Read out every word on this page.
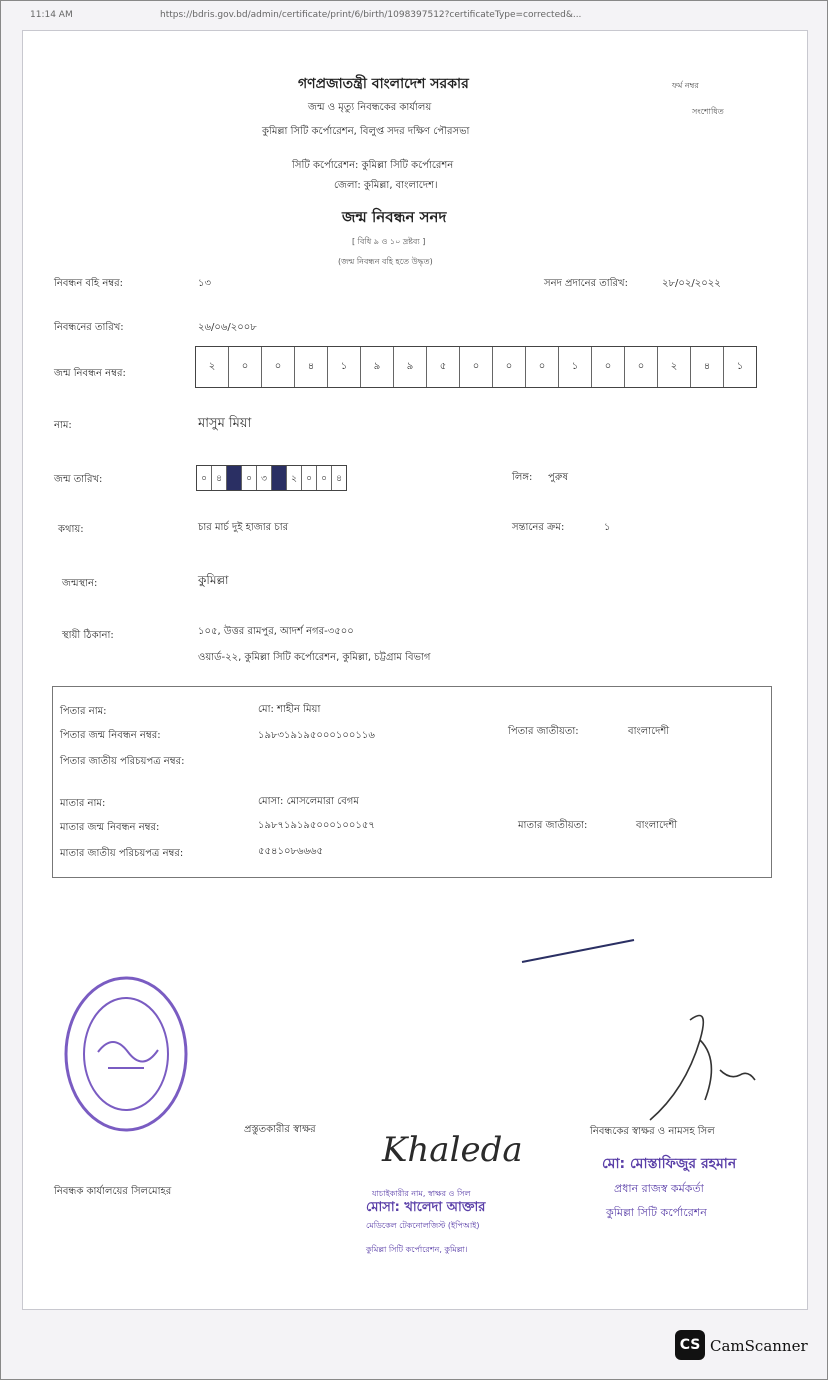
11:14 AM	https://bdris.gov.bd/admin/certificate/print/6/birth/1098397512?certificateType=corrected&...
গণপ্রজাতন্ত্রী বাংলাদেশ সরকার
জন্ম ও মৃত্যু নিবন্ধকের কার্যালয়
কুমিল্লা সিটি কর্পোরেশন, বিলুপ্ত সদর দক্ষিণ পৌরসভা
সিটি কর্পোরেশন: কুমিল্লা সিটি কর্পোরেশন
জেলা: কুমিল্লা, বাংলাদেশ।
ফর্ম নম্বর
সংশোধিত
জন্ম নিবন্ধন সনদ
[ বিধি ৯ ও ১০ দ্রষ্টব্য ]
(জন্ম নিবন্ধন বহি হতে উদ্ধৃত)
নিবন্ধন বহি নম্বর:	১৩	সনদ প্রদানের তারিখ:	২৮/০২/২০২২
নিবন্ধনের তারিখ:	২৬/০৬/২০০৮
জন্ম নিবন্ধন নম্বর:
২	০	০	৪	১	৯	৯	৫	০	০	০	১	০	০	২	৪	১
নাম:	মাসুম মিয়া
জন্ম তারিখ:	০	৪	০	৩	২	০	০	৪	লিঙ্গ: পুরুষ
কথায়:	চার মার্চ দুই হাজার চার	সন্তানের ক্রম:	১
জন্মস্থান:	কুমিল্লা
স্থায়ী ঠিকানা:	১০৫, উত্তর রামপুর, আদর্শ নগর-৩৫০০
ওয়ার্ড-২২, কুমিল্লা সিটি কর্পোরেশন, কুমিল্লা, চট্টগ্রাম বিভাগ
পিতার নাম:	মো: শাহীন মিয়া
পিতার জন্ম নিবন্ধন নম্বর:	১৯৮৩১৯১৯৫০০০১০০১১৬	পিতার জাতীয়তা:	বাংলাদেশী
পিতার জাতীয় পরিচয়পত্র নম্বর:
মাতার নাম:	মোসা: মোসলেমারা বেগম
মাতার জন্ম নিবন্ধন নম্বর:	১৯৮৭১৯১৯৫০০০১০০১৫৭	মাতার জাতীয়তা:	বাংলাদেশী
মাতার জাতীয় পরিচয়পত্র নম্বর:	৫৫৪১০৮৬৬৬৫
Khaleda
প্রস্তুতকারীর স্বাক্ষর
নিবন্ধক কার্যালয়ের সিলমোহর
নিবন্ধকের স্বাক্ষর ও নামসহ সিল
যাচাইকারীর নাম, স্বাক্ষর ও সিল
মোসা: খালেদা আক্তার
মেডিকেল টেকনোলজিস্ট (ইপিআই)
কুমিল্লা সিটি কর্পোরেশন, কুমিল্লা।
মো: মোস্তাফিজুর রহমান
প্রধান রাজস্ব কর্মকর্তা
কুমিল্লা সিটি কর্পোরেশন
CS CamScanner
